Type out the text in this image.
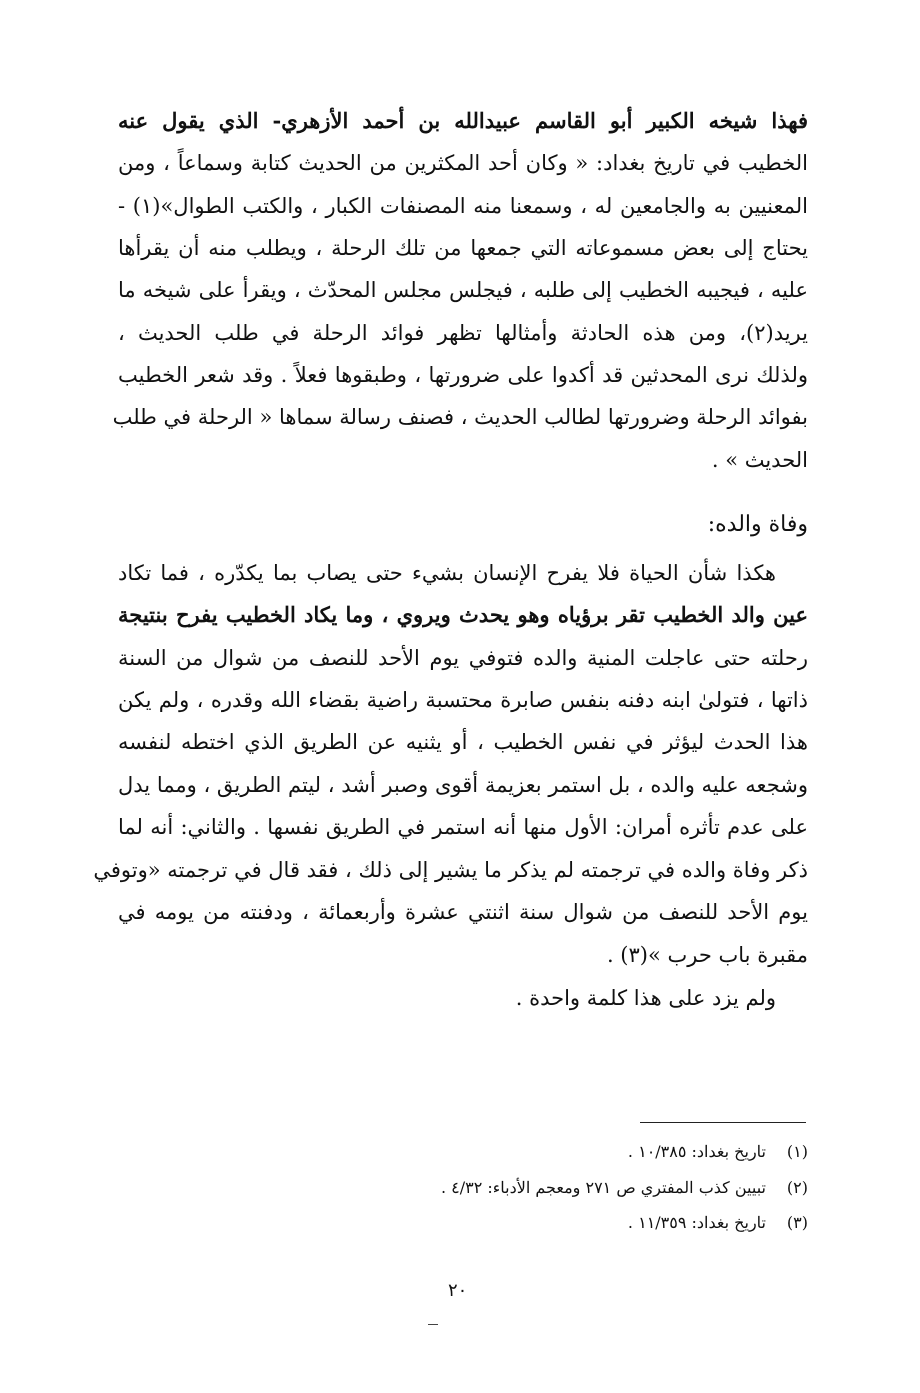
فهذا شيخه الكبير أبو القاسم عبيدالله بن أحمد الأزهري- الذي يقول عنه
الخطيب في تاريخ بغداد: « وكان أحد المكثرين من الحديث كتابة وسماعاً ، ومن
المعنيين به والجامعين له ، وسمعنا منه المصنفات الكبار ، والكتب الطوال»(١) -
يحتاج إلى بعض مسموعاته التي جمعها من تلك الرحلة ، ويطلب منه أن يقرأها
عليه ، فيجيبه الخطيب إلى طلبه ، فيجلس مجلس المحدّث ، ويقرأ على شيخه ما
يريد(٢)، ومن هذه الحادثة وأمثالها تظهر فوائد الرحلة في طلب الحديث ،
ولذلك نرى المحدثين قد أكدوا على ضرورتها ، وطبقوها فعلاً . وقد شعر الخطيب
بفوائد الرحلة وضرورتها لطالب الحديث ، فصنف رسالة سماها « الرحلة في طلب
الحديث » .
وفاة والده:
هكذا شأن الحياة فلا يفرح الإنسان بشيء حتى يصاب بما يكدّره ، فما تكاد
عين والد الخطيب تقر برؤياه وهو يحدث ويروي ، وما يكاد الخطيب يفرح بنتيجة
رحلته حتى عاجلت المنية والده فتوفي يوم الأحد للنصف من شوال من السنة
ذاتها ، فتولىٰ ابنه دفنه بنفس صابرة محتسبة راضية بقضاء الله وقدره ، ولم يكن
هذا الحدث ليؤثر في نفس الخطيب ، أو يثنيه عن الطريق الذي اختطه لنفسه
وشجعه عليه والده ، بل استمر بعزيمة أقوى وصبر أشد ، ليتم الطريق ، ومما يدل
على عدم تأثره أمران: الأول منها أنه استمر في الطريق نفسها . والثاني: أنه لما
ذكر وفاة والده في ترجمته لم يذكر ما يشير إلى ذلك ، فقد قال في ترجمته «وتوفي
يوم الأحد للنصف من شوال سنة اثنتي عشرة وأربعمائة ، ودفنته من يومه في
مقبرة باب حرب »(٣) .
ولم يزد على هذا كلمة واحدة .
(١)تاريخ بغداد: ١٠/٣٨٥ .
(٢)تبيين كذب المفتري ص ٢٧١ ومعجم الأدباء: ٤/٣٢ .
(٣)تاريخ بغداد: ١١/٣٥٩ .
٢٠
